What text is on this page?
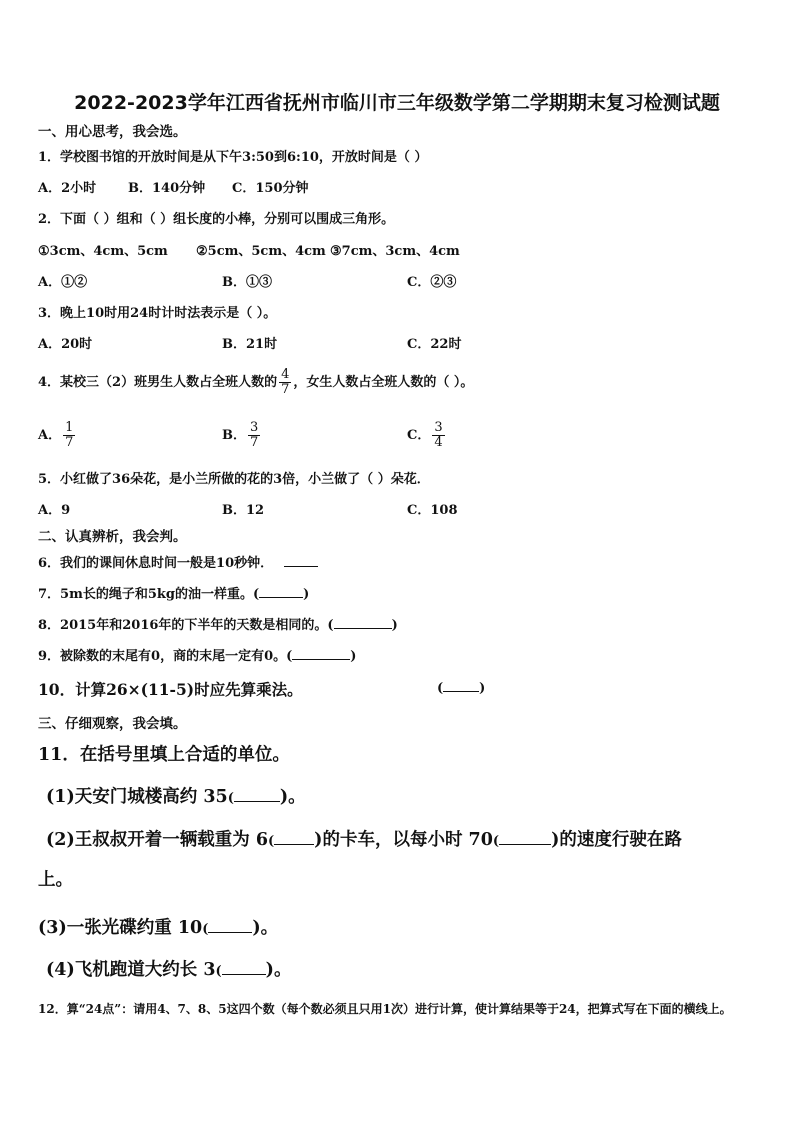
2022-2023学年江西省抚州市临川市三年级数学第二学期期末复习检测试题
一、用心思考，我会选。
1．学校图书馆的开放时间是从下午3:50到6:10，开放时间是（ ）
A．2小时 B．140分钟 C．150分钟
2．下面（ ）组和（ ）组长度的小棒，分别可以围成三角形。
①3cm、4cm、5cm ②5cm、5cm、4cm ③7cm、3cm、4cm
A．①②	B．①③	C．②③
3．晚上10时用24时计时法表示是（ ）。
A．20时	B．21时	C．22时
4．某校三（2）班男生人数占全班人数的 $\frac{4}{7}$ ，女生人数占全班人数的（ ）。
A． $\frac{1}{7}$	B． $\frac{3}{7}$	C． $\frac{3}{4}$
5．小红做了36朵花，是小兰所做的花的3倍，小兰做了（ ）朵花．
A．9	B．12	C．108
二、认真辨析，我会判。
6．我们的课间休息时间一般是10秒钟．
7．5m长的绳子和5kg的油一样重。(	)
8．2015年和2016年的下半年的天数是相同的。(	)
9．被除数的末尾有0，商的末尾一定有0。(	)
10．计算26×(11-5)时应先算乘法。	(	)
三、仔细观察，我会填。
11．在括号里填上合适的单位。
(1)天安门城楼高约 35(	)。
(2)王叔叔开着一辆载重为 6( )的卡车，以每小时 70(	)的速度行驶在路
上。
(3)一张光碟约重 10(	)。
(4)飞机跑道大约长 3(	)。
12．算“24点”：请用4、7、8、5这四个数（每个数必须且只用1次）进行计算，使计算结果等于24，把算式写在下面的横线上。
